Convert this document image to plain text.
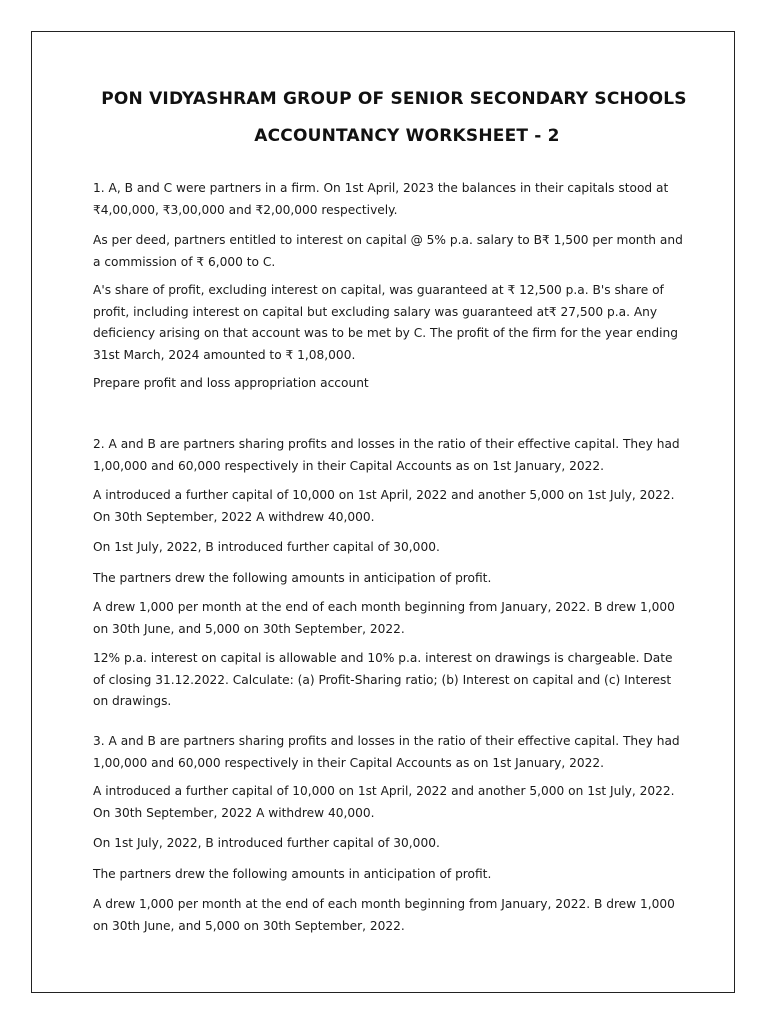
PON VIDYASHRAM GROUP OF SENIOR SECONDARY SCHOOLS
ACCOUNTANCY WORKSHEET - 2

1. A, B and C were partners in a firm. On 1st April, 2023 the balances in their capitals stood at ₹4,00,000, ₹3,00,000 and ₹2,00,000 respectively.

As per deed, partners entitled to interest on capital @ 5% p.a. salary to B₹ 1,500 per month and a commission of ₹ 6,000 to C.

A's share of profit, excluding interest on capital, was guaranteed at ₹ 12,500 p.a. B's share of profit, including interest on capital but excluding salary was guaranteed at₹ 27,500 p.a. Any deficiency arising on that account was to be met by C. The profit of the firm for the year ending 31st March, 2024 amounted to ₹ 1,08,000.

Prepare profit and loss appropriation account

2. A and B are partners sharing profits and losses in the ratio of their effective capital. They had 1,00,000 and 60,000 respectively in their Capital Accounts as on 1st January, 2022.

A introduced a further capital of 10,000 on 1st April, 2022 and another 5,000 on 1st July, 2022. On 30th September, 2022 A withdrew 40,000.

On 1st July, 2022, B introduced further capital of 30,000.

The partners drew the following amounts in anticipation of profit.

A drew 1,000 per month at the end of each month beginning from January, 2022. B drew 1,000 on 30th June, and 5,000 on 30th September, 2022.

12% p.a. interest on capital is allowable and 10% p.a. interest on drawings is chargeable. Date of closing 31.12.2022. Calculate: (a) Profit-Sharing ratio; (b) Interest on capital and (c) Interest on drawings.

3. A and B are partners sharing profits and losses in the ratio of their effective capital. They had 1,00,000 and 60,000 respectively in their Capital Accounts as on 1st January, 2022.

A introduced a further capital of 10,000 on 1st April, 2022 and another 5,000 on 1st July, 2022. On 30th September, 2022 A withdrew 40,000.

On 1st July, 2022, B introduced further capital of 30,000.

The partners drew the following amounts in anticipation of profit.

A drew 1,000 per month at the end of each month beginning from January, 2022. B drew 1,000 on 30th June, and 5,000 on 30th September, 2022.
